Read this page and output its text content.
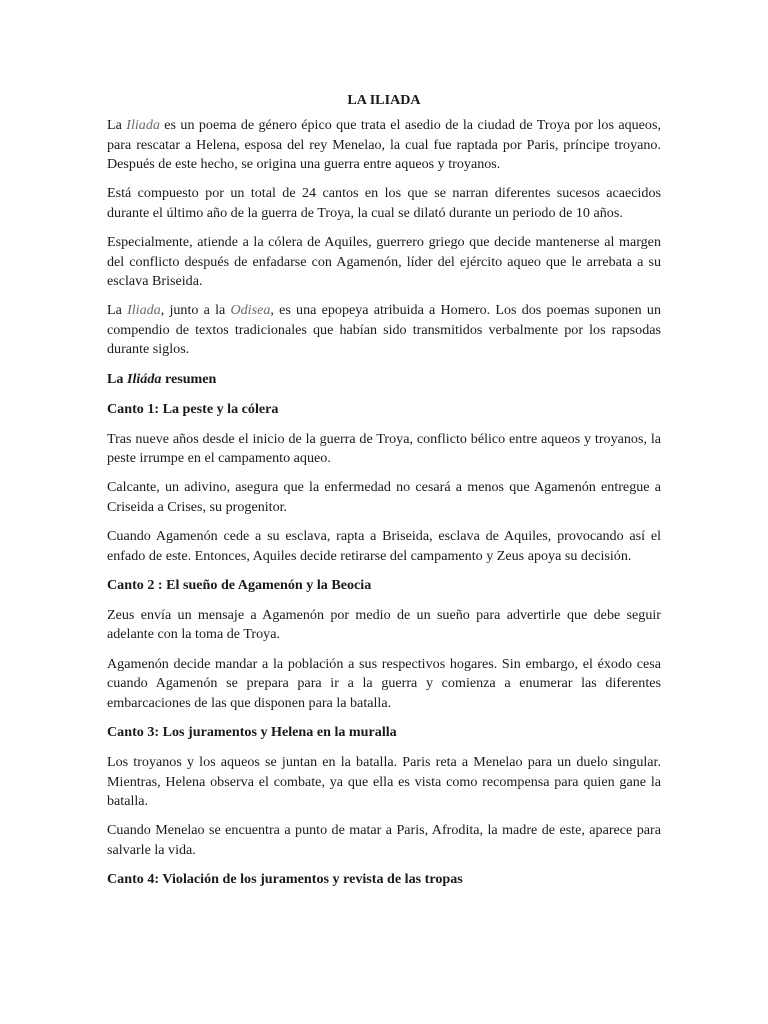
LA ILIADA

La Iliada es un poema de género épico que trata el asedio de la ciudad de Troya por los aqueos, para rescatar a Helena, esposa del rey Menelao, la cual fue raptada por Paris, príncipe troyano. Después de este hecho, se origina una guerra entre aqueos y troyanos.

Está compuesto por un total de 24 cantos en los que se narran diferentes sucesos acaecidos durante el último año de la guerra de Troya, la cual se dilató durante un periodo de 10 años.

Especialmente, atiende a la cólera de Aquiles, guerrero griego que decide mantenerse al margen del conflicto después de enfadarse con Agamenón, líder del ejército aqueo que le arrebata a su esclava Briseida.

La Iliada, junto a la Odisea, es una epopeya atribuida a Homero. Los dos poemas suponen un compendio de textos tradicionales que habían sido transmitidos verbalmente por los rapsodas durante siglos.

La Iliáda resumen

Canto 1: La peste y la cólera

Tras nueve años desde el inicio de la guerra de Troya, conflicto bélico entre aqueos y troyanos, la peste irrumpe en el campamento aqueo.

Calcante, un adivino, asegura que la enfermedad no cesará a menos que Agamenón entregue a Criseida a Crises, su progenitor.

Cuando Agamenón cede a su esclava, rapta a Briseida, esclava de Aquiles, provocando así el enfado de este. Entonces, Aquiles decide retirarse del campamento y Zeus apoya su decisión.

Canto 2 : El sueño de Agamenón y la Beocia

Zeus envía un mensaje a Agamenón por medio de un sueño para advertirle que debe seguir adelante con la toma de Troya.

Agamenón decide mandar a la población a sus respectivos hogares. Sin embargo, el éxodo cesa cuando Agamenón se prepara para ir a la guerra y comienza a enumerar las diferentes embarcaciones de las que disponen para la batalla.

Canto 3: Los juramentos y Helena en la muralla

Los troyanos y los aqueos se juntan en la batalla. Paris reta a Menelao para un duelo singular. Mientras, Helena observa el combate, ya que ella es vista como recompensa para quien gane la batalla.

Cuando Menelao se encuentra a punto de matar a Paris, Afrodita, la madre de este, aparece para salvarle la vida.

Canto 4: Violación de los juramentos y revista de las tropas
